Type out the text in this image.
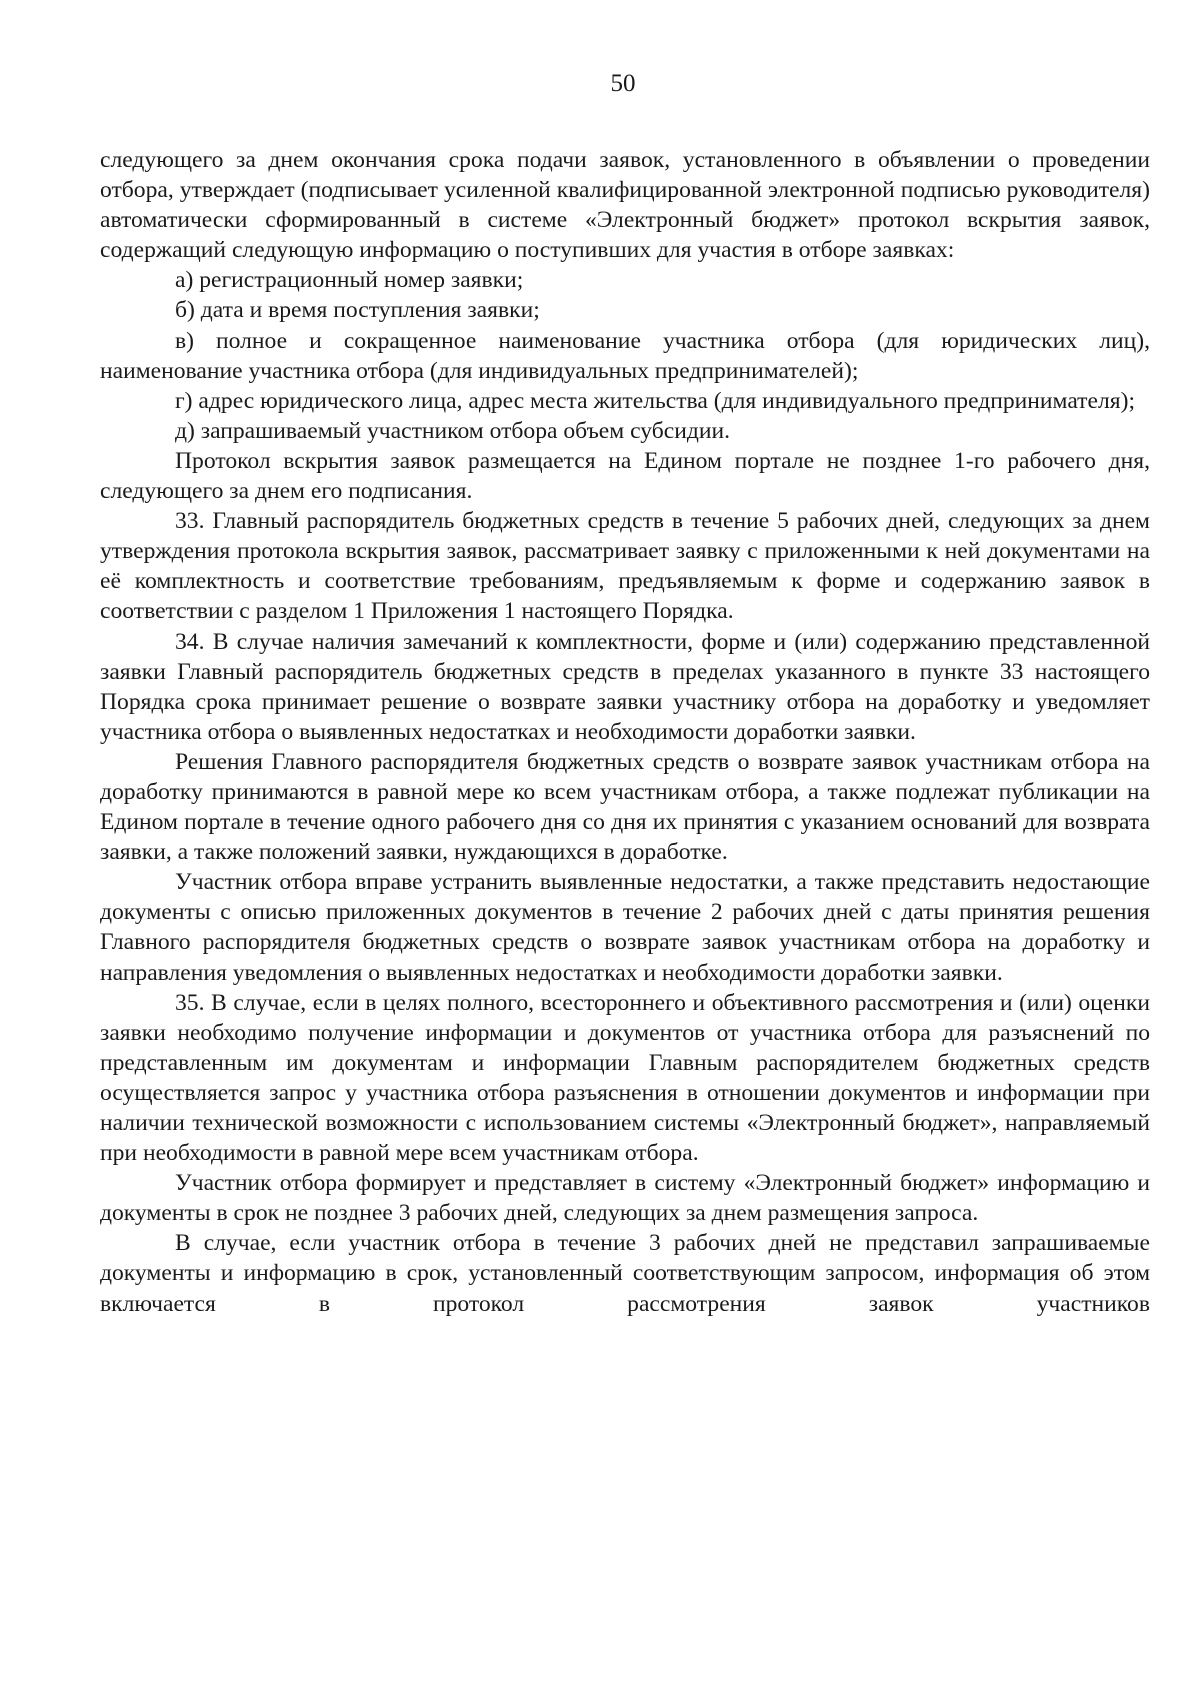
50

следующего за днем окончания срока подачи заявок, установленного в объявлении о проведении отбора, утверждает (подписывает усиленной квалифицированной электронной подписью руководителя) автоматически сформированный в системе «Электронный бюджет» протокол вскрытия заявок, содержащий следующую информацию о поступивших для участия в отборе заявках:

а) регистрационный номер заявки;

б) дата и время поступления заявки;

в) полное и сокращенное наименование участника отбора (для юридических лиц), наименование участника отбора (для индивидуальных предпринимателей);

г) адрес юридического лица, адрес места жительства (для индивидуального предпринимателя);

д) запрашиваемый участником отбора объем субсидии.

Протокол вскрытия заявок размещается на Едином портале не позднее 1-го рабочего дня, следующего за днем его подписания.

33. Главный распорядитель бюджетных средств в течение 5 рабочих дней, следующих за днем утверждения протокола вскрытия заявок, рассматривает заявку с приложенными к ней документами на её комплектность и соответствие требованиям, предъявляемым к форме и содержанию заявок в соответствии с разделом 1 Приложения 1 настоящего Порядка.

34. В случае наличия замечаний к комплектности, форме и (или) содержанию представленной заявки Главный распорядитель бюджетных средств в пределах указанного в пункте 33 настоящего Порядка срока принимает решение о возврате заявки участнику отбора на доработку и уведомляет участника отбора о выявленных недостатках и необходимости доработки заявки.

Решения Главного распорядителя бюджетных средств о возврате заявок участникам отбора на доработку принимаются в равной мере ко всем участникам отбора, а также подлежат публикации на Едином портале в течение одного рабочего дня со дня их принятия с указанием оснований для возврата заявки, а также положений заявки, нуждающихся в доработке.

Участник отбора вправе устранить выявленные недостатки, а также представить недостающие документы с описью приложенных документов в течение 2 рабочих дней с даты принятия решения Главного распорядителя бюджетных средств о возврате заявок участникам отбора на доработку и направления уведомления о выявленных недостатках и необходимости доработки заявки.

35. В случае, если в целях полного, всестороннего и объективного рассмотрения и (или) оценки заявки необходимо получение информации и документов от участника отбора для разъяснений по представленным им документам и информации Главным распорядителем бюджетных средств осуществляется запрос у участника отбора разъяснения в отношении документов и информации при наличии технической возможности с использованием системы «Электронный бюджет», направляемый при необходимости в равной мере всем участникам отбора.

Участник отбора формирует и представляет в систему «Электронный бюджет» информацию и документы в срок не позднее 3 рабочих дней, следующих за днем размещения запроса.

В случае, если участник отбора в течение 3 рабочих дней не представил запрашиваемые документы и информацию в срок, установленный соответствующим запросом, информация об этом включается в протокол рассмотрения заявок участников
